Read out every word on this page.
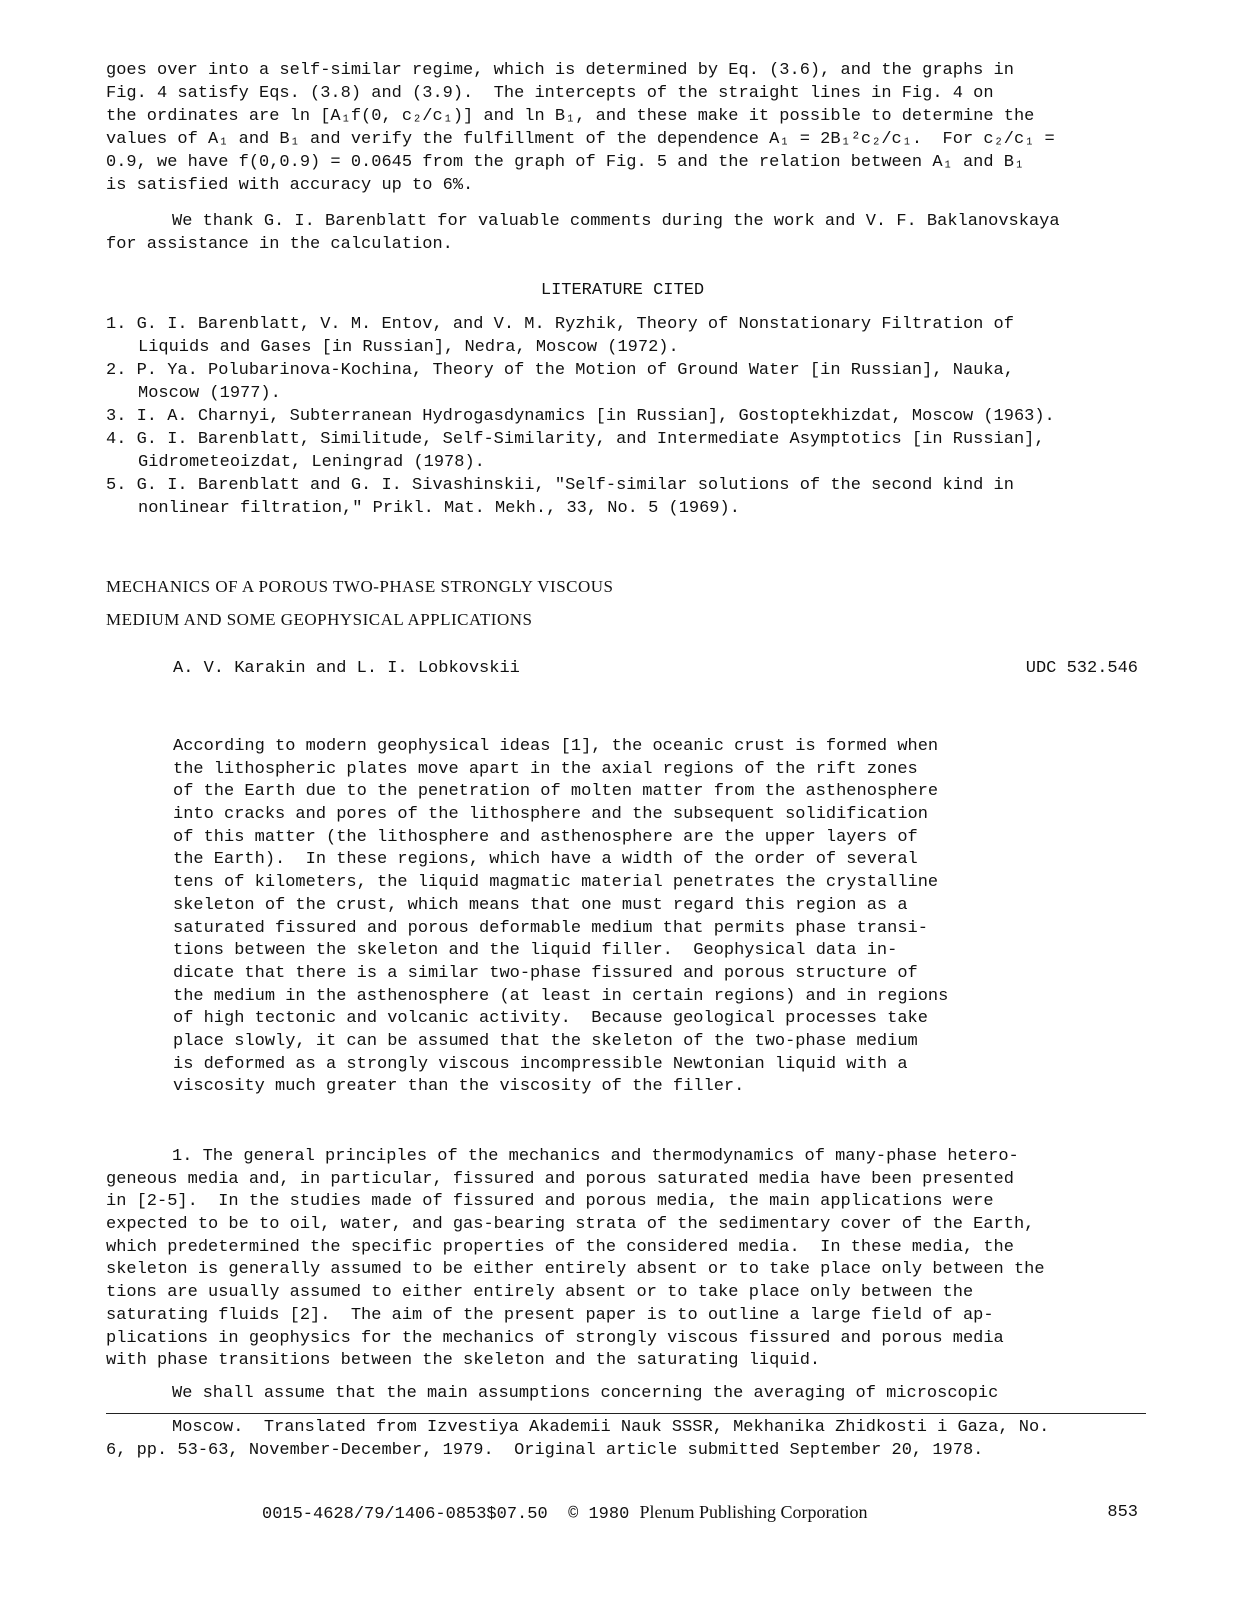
goes over into a self-similar regime, which is determined by Eq. (3.6), and the graphs in
Fig. 4 satisfy Eqs. (3.8) and (3.9).  The intercepts of the straight lines in Fig. 4 on
the ordinates are ln [A₁f(0, c₂/c₁)] and ln B₁, and these make it possible to determine the
values of A₁ and B₁ and verify the fulfillment of the dependence A₁ = 2B₁²c₂/c₁.  For c₂/c₁ =
0.9, we have f(0,0.9) = 0.0645 from the graph of Fig. 5 and the relation between A₁ and B₁
is satisfied with accuracy up to 6%.
We thank G. I. Barenblatt for valuable comments during the work and V. F. Baklanovskaya
for assistance in the calculation.
LITERATURE CITED
1. G. I. Barenblatt, V. M. Entov, and V. M. Ryzhik, Theory of Nonstationary Filtration of
Liquids and Gases [in Russian], Nedra, Moscow (1972).
2. P. Ya. Polubarinova-Kochina, Theory of the Motion of Ground Water [in Russian], Nauka,
Moscow (1977).
3. I. A. Charnyi, Subterranean Hydrogasdynamics [in Russian], Gostoptekhizdat, Moscow (1963).
4. G. I. Barenblatt, Similitude, Self-Similarity, and Intermediate Asymptotics [in Russian],
Gidrometeoizdat, Leningrad (1978).
5. G. I. Barenblatt and G. I. Sivashinskii, "Self-similar solutions of the second kind in
nonlinear filtration," Prikl. Mat. Mekh., 33, No. 5 (1969).
MECHANICS OF A POROUS TWO-PHASE STRONGLY VISCOUS
MEDIUM AND SOME GEOPHYSICAL APPLICATIONS
A. V. Karakin and L. I. Lobkovskii	UDC 532.546
According to modern geophysical ideas [1], the oceanic crust is formed when
the lithospheric plates move apart in the axial regions of the rift zones
of the Earth due to the penetration of molten matter from the asthenosphere
into cracks and pores of the lithosphere and the subsequent solidification
of this matter (the lithosphere and asthenosphere are the upper layers of
the Earth).  In these regions, which have a width of the order of several
tens of kilometers, the liquid magmatic material penetrates the crystalline
skeleton of the crust, which means that one must regard this region as a
saturated fissured and porous deformable medium that permits phase transi-
tions between the skeleton and the liquid filler.  Geophysical data in-
dicate that there is a similar two-phase fissured and porous structure of
the medium in the asthenosphere (at least in certain regions) and in regions
of high tectonic and volcanic activity.  Because geological processes take
place slowly, it can be assumed that the skeleton of the two-phase medium
is deformed as a strongly viscous incompressible Newtonian liquid with a
viscosity much greater than the viscosity of the filler.
1. The general principles of the mechanics and thermodynamics of many-phase hetero-
geneous media and, in particular, fissured and porous saturated media have been presented
in [2-5].  In the studies made of fissured and porous media, the main applications were
expected to be to oil, water, and gas-bearing strata of the sedimentary cover of the Earth,
which predetermined the specific properties of the considered media.  In these media, the
skeleton is generally assumed to be either entirely absent or to take place only between the
tions are usually assumed to either entirely absent or to take place only between the
saturating fluids [2].  The aim of the present paper is to outline a large field of ap-
plications in geophysics for the mechanics of strongly viscous fissured and porous media
with phase transitions between the skeleton and the saturating liquid.
We shall assume that the main assumptions concerning the averaging of microscopic
Moscow.  Translated from Izvestiya Akademii Nauk SSSR, Mekhanika Zhidkosti i Gaza, No.
6, pp. 53-63, November-December, 1979.  Original article submitted September 20, 1978.
0015-4628/79/1406-0853$07.50 © 1980 Plenum Publishing Corporation	853
